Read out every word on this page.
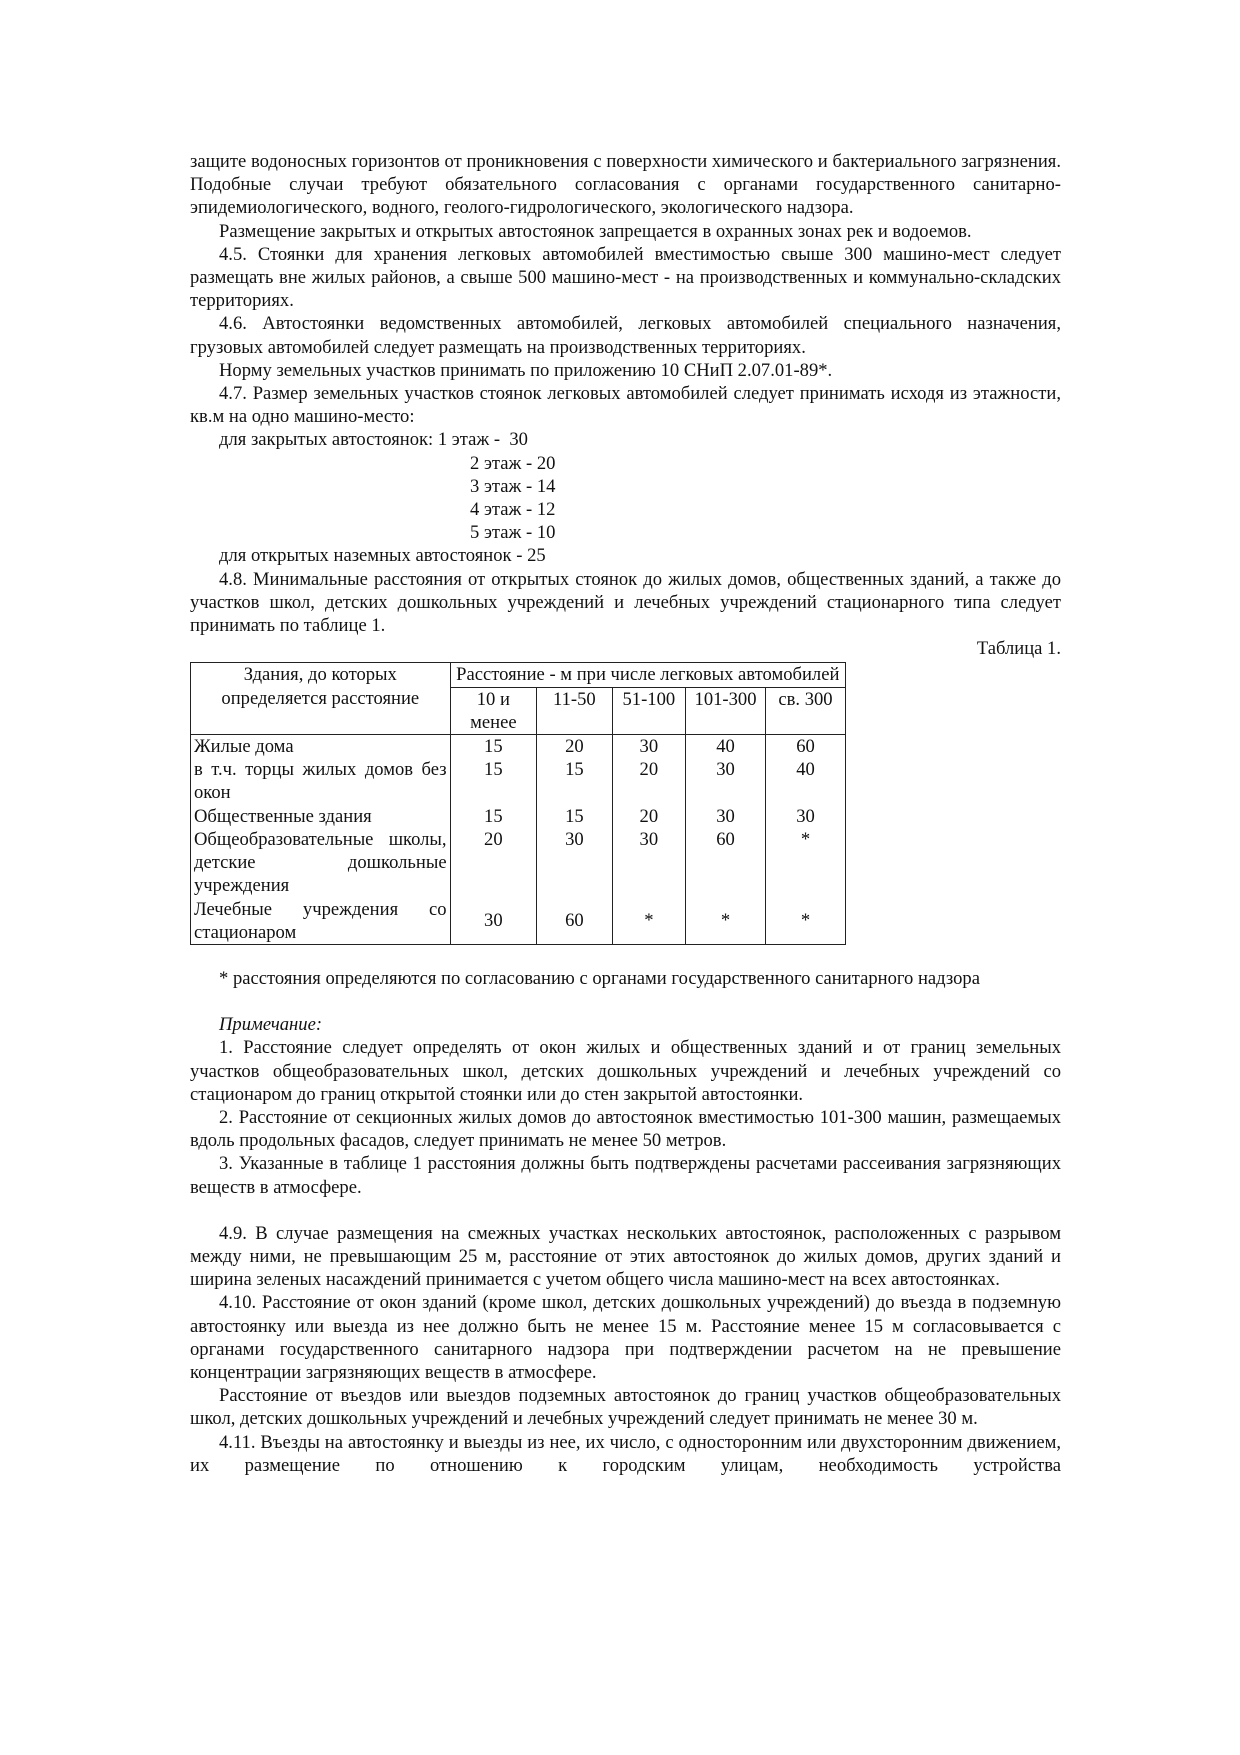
защите водоносных горизонтов от проникновения с поверхности химического и бактериального загрязнения. Подобные случаи требуют обязательного согласования с органами государственного санитарно-эпидемиологического, водного, геолого-гидрологического, экологического надзора.

Размещение закрытых и открытых автостоянок запрещается в охранных зонах рек и водоемов.

4.5. Стоянки для хранения легковых автомобилей вместимостью свыше 300 машино-мест следует размещать вне жилых районов, а свыше 500 машино-мест - на производственных и коммунально-складских территориях.

4.6. Автостоянки ведомственных автомобилей, легковых автомобилей специального назначения, грузовых автомобилей следует размещать на производственных территориях.

Норму земельных участков принимать по приложению 10 СНиП 2.07.01-89*.

4.7. Размер земельных участков стоянок легковых автомобилей следует принимать исходя из этажности, кв.м на одно машино-место:

для закрытых автостоянок: 1 этаж -  30
2 этаж - 20
3 этаж - 14
4 этаж - 12
5 этаж - 10
для открытых наземных автостоянок - 25

4.8. Минимальные расстояния от открытых стоянок до жилых домов, общественных зданий, а также до участков школ, детских дошкольных учреждений и лечебных учреждений стационарного типа следует принимать по таблице 1.

Таблица 1.

Здания, до которых определяется расстояние	Расстояние - м при числе легковых автомобилей				
	10 и менее	11-50	51-100	101-300	св. 300
Жилые дома	15	20	30	40	60
в т.ч. торцы жилых домов без окон	15	15	20	30	40
Общественные здания	15	15	20	30	30
Общеобразовательные школы, детские дошкольные учреждения	20	30	30	60	*
Лечебные учреждения со стационаром	30	60	*	*	*

* расстояния определяются по согласованию с органами государственного санитарного надзора

Примечание:

1. Расстояние следует определять от окон жилых и общественных зданий и от границ земельных участков общеобразовательных школ, детских дошкольных учреждений и лечебных учреждений со стационаром до границ открытой стоянки или до стен закрытой автостоянки.

2. Расстояние от секционных жилых домов до автостоянок вместимостью 101-300 машин, размещаемых вдоль продольных фасадов, следует принимать не менее 50 метров.

3. Указанные в таблице 1 расстояния должны быть подтверждены расчетами рассеивания загрязняющих веществ в атмосфере.

4.9. В случае размещения на смежных участках нескольких автостоянок, расположенных с разрывом между ними, не превышающим 25 м, расстояние от этих автостоянок до жилых домов, других зданий и ширина зеленых насаждений принимается с учетом общего числа машино-мест на всех автостоянках.

4.10. Расстояние от окон зданий (кроме школ, детских дошкольных учреждений) до въезда в подземную автостоянку или выезда из нее должно быть не менее 15 м. Расстояние менее 15 м согласовывается с органами государственного санитарного надзора при подтверждении расчетом на не превышение концентрации загрязняющих веществ в атмосфере.

Расстояние от въездов или выездов подземных автостоянок до границ участков общеобразовательных школ, детских дошкольных учреждений и лечебных учреждений следует принимать не менее 30 м.

4.11. Въезды на автостоянку и выезды из нее, их число, с односторонним или двухсторонним движением, их размещение по отношению к городским улицам, необходимость устройства
